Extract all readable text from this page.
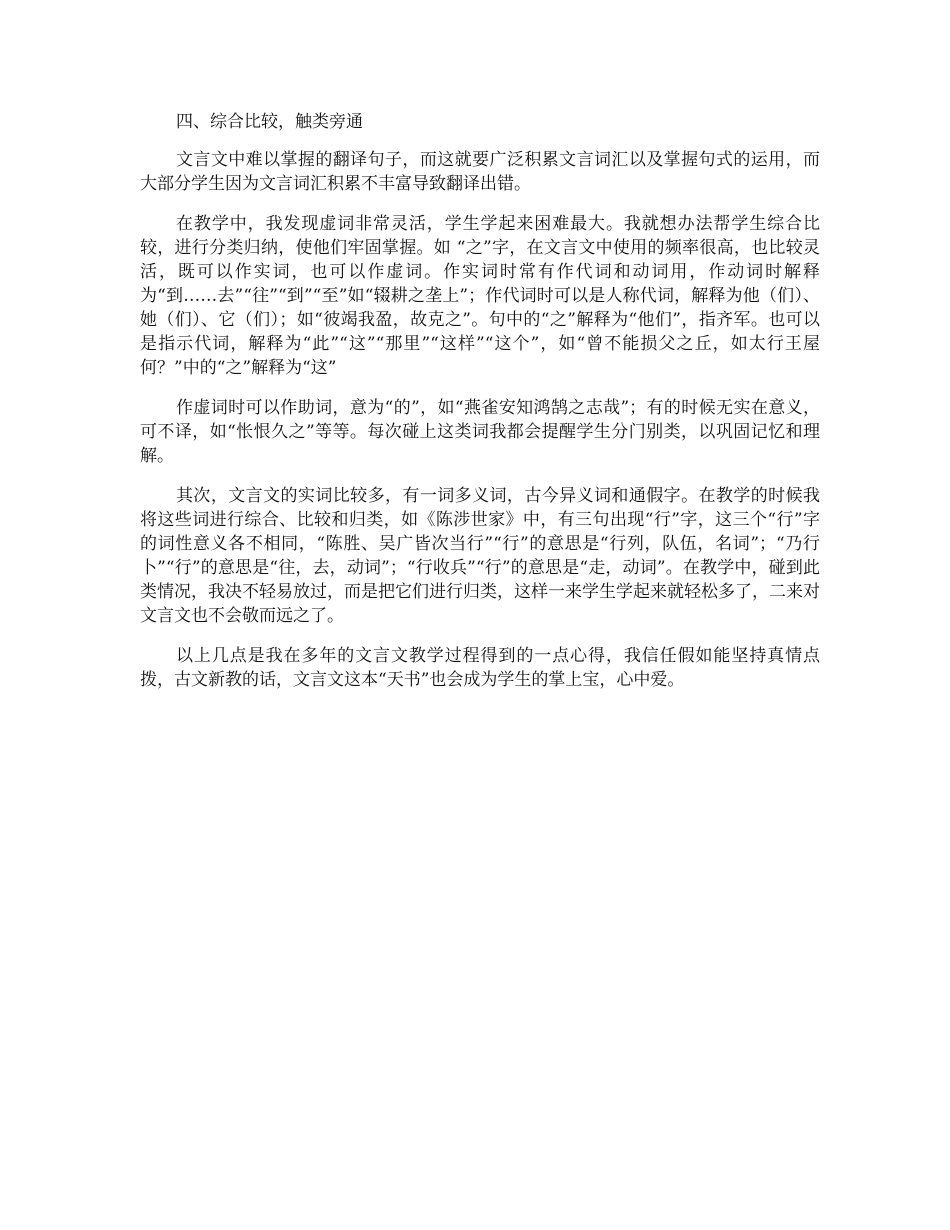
四、综合比较，触类旁通

文言文中难以掌握的翻译句子，而这就要广泛积累文言词汇以及掌握句式的运用，而大部分学生因为文言词汇积累不丰富导致翻译出错。

在教学中，我发现虚词非常灵活，学生学起来困难最大。我就想办法帮学生综合比较，进行分类归纳，使他们牢固掌握。如 “之”字，在文言文中使用的频率很高，也比较灵活，既可以作实词，也可以作虚词。作实词时常有作代词和动词用，作动词时解释为“到……去”“往”“到”“至”如“辍耕之垄上”；作代词时可以是人称代词，解释为他（们）、她（们）、它（们）；如“彼竭我盈，故克之”。句中的“之”解释为“他们”，指齐军。也可以是指示代词，解释为“此”“这”“那里”“这样”“这个”，如“曾不能损父之丘，如太行王屋何？”中的“之”解释为“这”

作虚词时可以作助词，意为“的”，如“燕雀安知鸿鹄之志哉”；有的时候无实在意义，可不译，如“怅恨久之”等等。每次碰上这类词我都会提醒学生分门别类，以巩固记忆和理解。

其次，文言文的实词比较多，有一词多义词，古今异义词和通假字。在教学的时候我将这些词进行综合、比较和归类，如《陈涉世家》中，有三句出现“行”字，这三个“行”字的词性意义各不相同，“陈胜、吴广皆次当行”“行”的意思是“行列，队伍，名词”；“乃行卜”“行”的意思是“往，去，动词”；“行收兵”“行”的意思是“走，动词”。在教学中，碰到此类情况，我决不轻易放过，而是把它们进行归类，这样一来学生学起来就轻松多了，二来对文言文也不会敬而远之了。

以上几点是我在多年的文言文教学过程得到的一点心得，我信任假如能坚持真情点拨，古文新教的话，文言文这本“天书”也会成为学生的掌上宝，心中爱。
